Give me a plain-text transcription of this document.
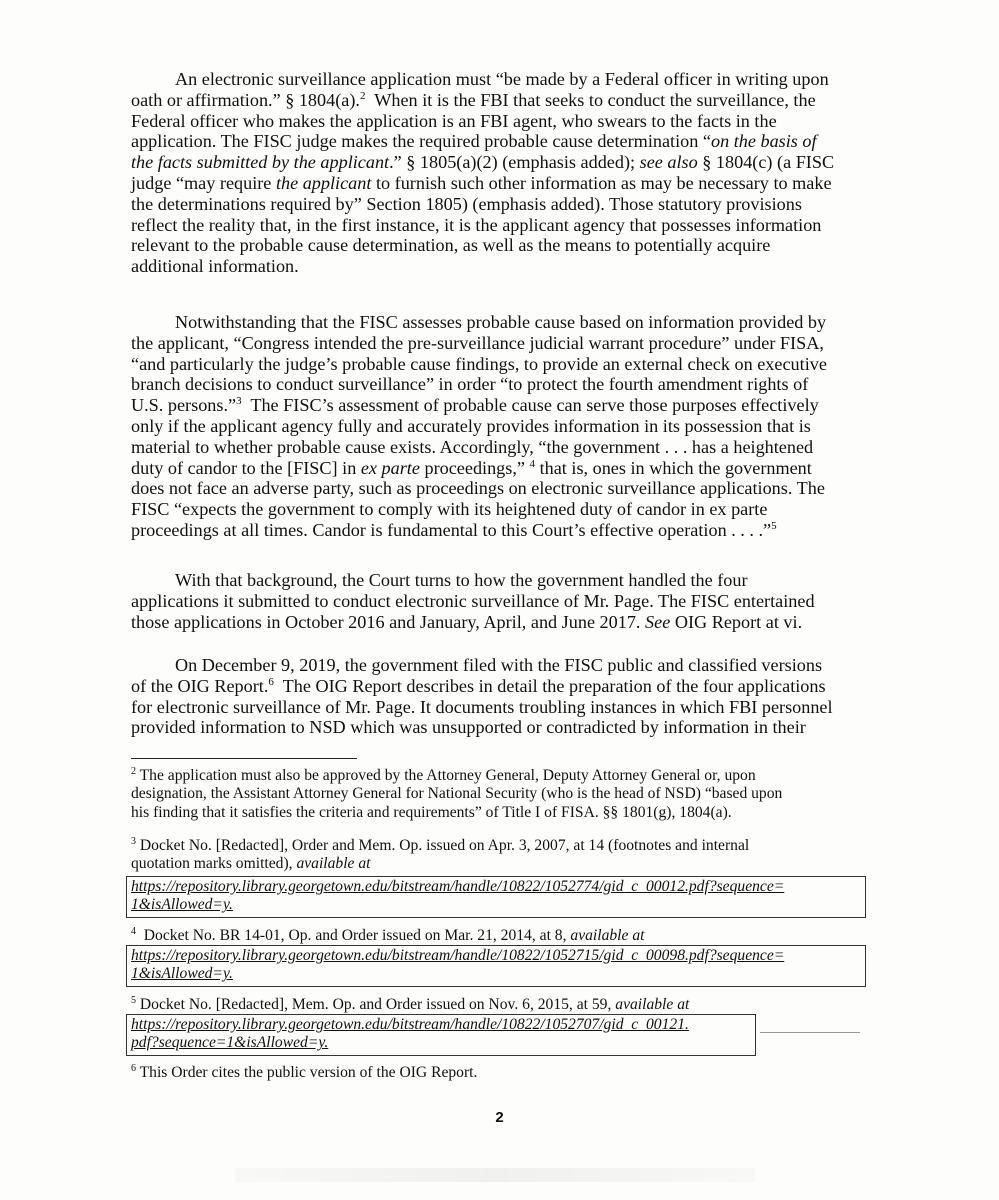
An electronic surveillance application must “be made by a Federal officer in writing upon
oath or affirmation.” § 1804(a).$^2$ When it is the FBI that seeks to conduct the surveillance, the
Federal officer who makes the application is an FBI agent, who swears to the facts in the
application. The FISC judge makes the required probable cause determination “on the basis of
the facts submitted by the applicant.” § 1805(a)(2) (emphasis added); see also § 1804(c) (a FISC
judge “may require the applicant to furnish such other information as may be necessary to make
the determinations required by” Section 1805) (emphasis added). Those statutory provisions
reflect the reality that, in the first instance, it is the applicant agency that possesses information
relevant to the probable cause determination, as well as the means to potentially acquire
additional information.
Notwithstanding that the FISC assesses probable cause based on information provided by
the applicant, “Congress intended the pre-surveillance judicial warrant procedure” under FISA,
“and particularly the judge’s probable cause findings, to provide an external check on executive
branch decisions to conduct surveillance” in order “to protect the fourth amendment rights of
U.S. persons.”$^3$ The FISC’s assessment of probable cause can serve those purposes effectively
only if the applicant agency fully and accurately provides information in its possession that is
material to whether probable cause exists. Accordingly, “the government . . . has a heightened
duty of candor to the [FISC] in ex parte proceedings,” $^4$ that is, ones in which the government
does not face an adverse party, such as proceedings on electronic surveillance applications. The
FISC “expects the government to comply with its heightened duty of candor in ex parte
proceedings at all times. Candor is fundamental to this Court’s effective operation . . . .”$^5$
With that background, the Court turns to how the government handled the four
applications it submitted to conduct electronic surveillance of Mr. Page. The FISC entertained
those applications in October 2016 and January, April, and June 2017. See OIG Report at vi.
On December 9, 2019, the government filed with the FISC public and classified versions
of the OIG Report.$^6$ The OIG Report describes in detail the preparation of the four applications
for electronic surveillance of Mr. Page. It documents troubling instances in which FBI personnel
provided information to NSD which was unsupported or contradicted by information in their
$^2$ The application must also be approved by the Attorney General, Deputy Attorney General or, upon
designation, the Assistant Attorney General for National Security (who is the head of NSD) “based upon
his finding that it satisfies the criteria and requirements” of Title I of FISA. §§ 1801(g), 1804(a).
$^3$ Docket No. [Redacted], Order and Mem. Op. issued on Apr. 3, 2007, at 14 (footnotes and internal
quotation marks omitted), available at
https://repository.library.georgetown.edu/bitstream/handle/10822/1052774/gid_c_00012.pdf?sequence=
1&isAllowed=y.
$^4$ Docket No. BR 14-01, Op. and Order issued on Mar. 21, 2014, at 8, available at
https://repository.library.georgetown.edu/bitstream/handle/10822/1052715/gid_c_00098.pdf?sequence=
1&isAllowed=y.
$^5$ Docket No. [Redacted], Mem. Op. and Order issued on Nov. 6, 2015, at 59, available at
https://repository.library.georgetown.edu/bitstream/handle/10822/1052707/gid_c_00121.
pdf?sequence=1&isAllowed=y.
$^6$ This Order cites the public version of the OIG Report.
2
